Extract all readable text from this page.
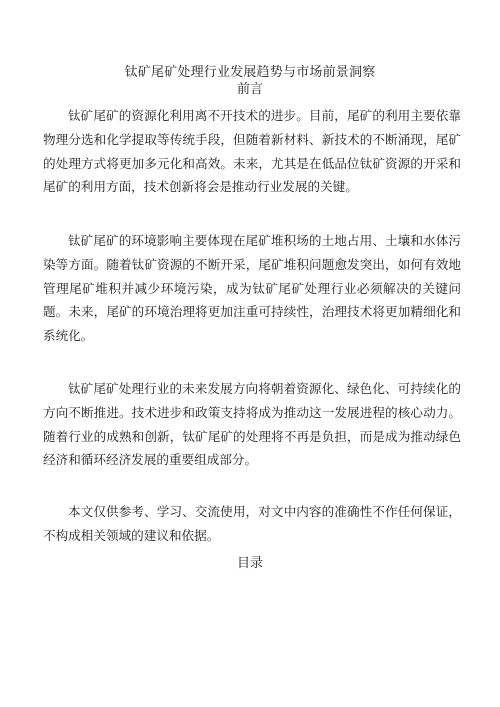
钛矿尾矿处理行业发展趋势与市场前景洞察
前言

钛矿尾矿的资源化利用离不开技术的进步。目前，尾矿的利用主要依靠物理分选和化学提取等传统手段，但随着新材料、新技术的不断涌现，尾矿的处理方式将更加多元化和高效。未来，尤其是在低品位钛矿资源的开采和尾矿的利用方面，技术创新将会是推动行业发展的关键。

钛矿尾矿的环境影响主要体现在尾矿堆积场的土地占用、土壤和水体污染等方面。随着钛矿资源的不断开采，尾矿堆积问题愈发突出，如何有效地管理尾矿堆积并减少环境污染，成为钛矿尾矿处理行业必须解决的关键问题。未来，尾矿的环境治理将更加注重可持续性，治理技术将更加精细化和系统化。

钛矿尾矿处理行业的未来发展方向将朝着资源化、绿色化、可持续化的方向不断推进。技术进步和政策支持将成为推动这一发展进程的核心动力。随着行业的成熟和创新，钛矿尾矿的处理将不再是负担，而是成为推动绿色经济和循环经济发展的重要组成部分。

本文仅供参考、学习、交流使用，对文中内容的准确性不作任何保证，不构成相关领域的建议和依据。

目录
